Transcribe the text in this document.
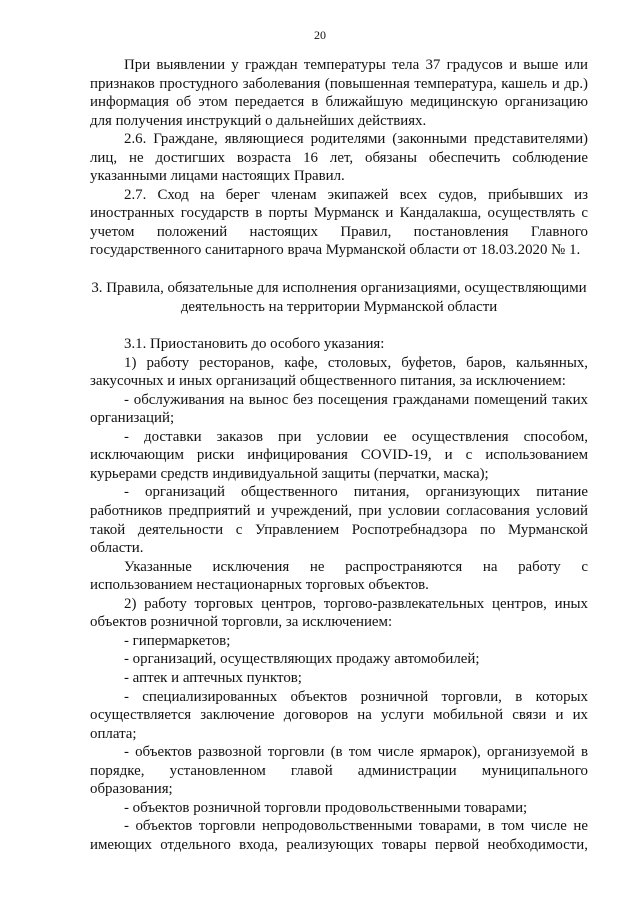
20

При выявлении у граждан температуры тела 37 градусов и выше или признаков простудного заболевания (повышенная температура, кашель и др.) информация об этом передается в ближайшую медицинскую организацию для получения инструкций о дальнейших действиях.

2.6. Граждане, являющиеся родителями (законными представителями) лиц, не достигших возраста 16 лет, обязаны обеспечить соблюдение указанными лицами настоящих Правил.

2.7. Сход на берег членам экипажей всех судов, прибывших из иностранных государств в порты Мурманск и Кандалакша, осуществлять с учетом положений настоящих Правил, постановления Главного государственного санитарного врача Мурманской области от 18.03.2020 № 1.

3. Правила, обязательные для исполнения организациями, осуществляющими деятельность на территории Мурманской области

3.1. Приостановить до особого указания:

1) работу ресторанов, кафе, столовых, буфетов, баров, кальянных, закусочных и иных организаций общественного питания, за исключением:

- обслуживания на вынос без посещения гражданами помещений таких организаций;

- доставки заказов при условии ее осуществления способом, исключающим риски инфицирования COVID-19, и с использованием курьерами средств индивидуальной защиты (перчатки, маска);

- организаций общественного питания, организующих питание работников предприятий и учреждений, при условии согласования условий такой деятельности с Управлением Роспотребнадзора по Мурманской области.

Указанные исключения не распространяются на работу с использованием нестационарных торговых объектов.

2) работу торговых центров, торгово-развлекательных центров, иных объектов розничной торговли, за исключением:

- гипермаркетов;

- организаций, осуществляющих продажу автомобилей;

- аптек и аптечных пунктов;

- специализированных объектов розничной торговли, в которых осуществляется заключение договоров на услуги мобильной связи и их оплата;

- объектов развозной торговли (в том числе ярмарок), организуемой в порядке, установленном главой администрации муниципального образования;

- объектов розничной торговли продовольственными товарами;

- объектов торговли непродовольственными товарами, в том числе не имеющих отдельного входа, реализующих товары первой необходимости,
